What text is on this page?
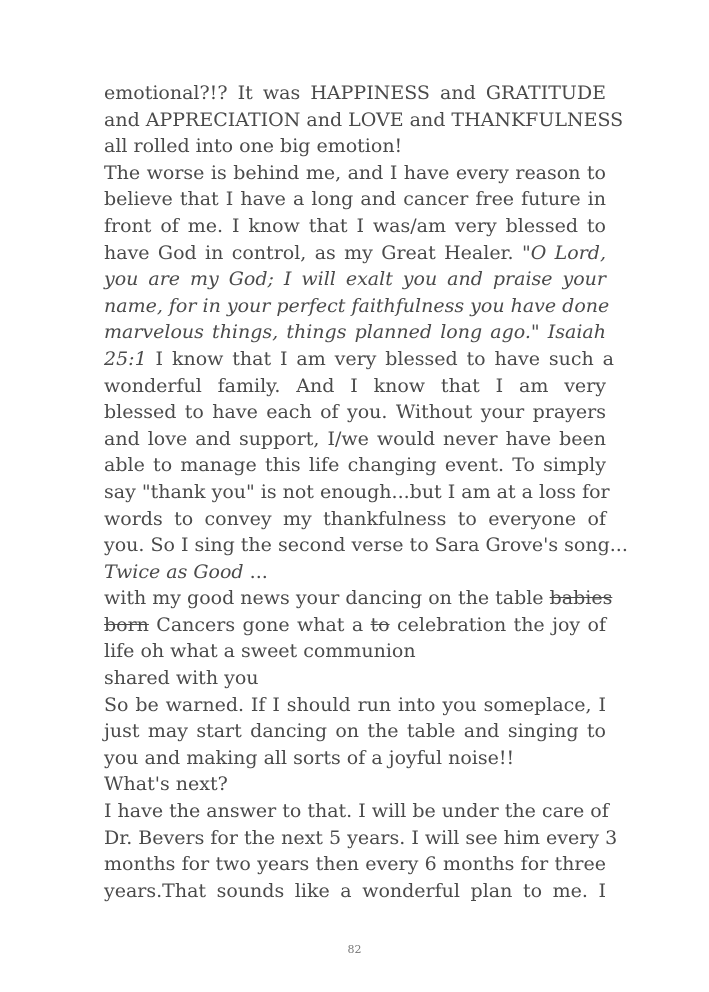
emotional?!? It was HAPPINESS and GRATITUDE
and APPRECIATION and LOVE and THANKFULNESS
all rolled into one big emotion!
The worse is behind me, and I have every reason to
believe that I have a long and cancer free future in
front of me. I know that I was/am very blessed to
have God in control, as my Great Healer. "O Lord,
you are my God; I will exalt you and praise your
name, for in your perfect faithfulness you have done
marvelous things, things planned long ago." Isaiah
25:1 I know that I am very blessed to have such a
wonderful family. And I know that I am very
blessed to have each of you. Without your prayers
and love and support, I/we would never have been
able to manage this life changing event. To simply
say "thank you" is not enough...but I am at a loss for
words to convey my thankfulness to everyone of
you. So I sing the second verse to Sara Grove's song...
Twice as Good ...
with my good news your dancing on the table babies
born Cancers gone what a to celebration the joy of
life oh what a sweet communion
shared with you
So be warned. If I should run into you someplace, I
just may start dancing on the table and singing to
you and making all sorts of a joyful noise!!
What's next?
I have the answer to that. I will be under the care of
Dr. Bevers for the next 5 years. I will see him every 3
months for two years then every 6 months for three
years.That sounds like a wonderful plan to me. I
82
